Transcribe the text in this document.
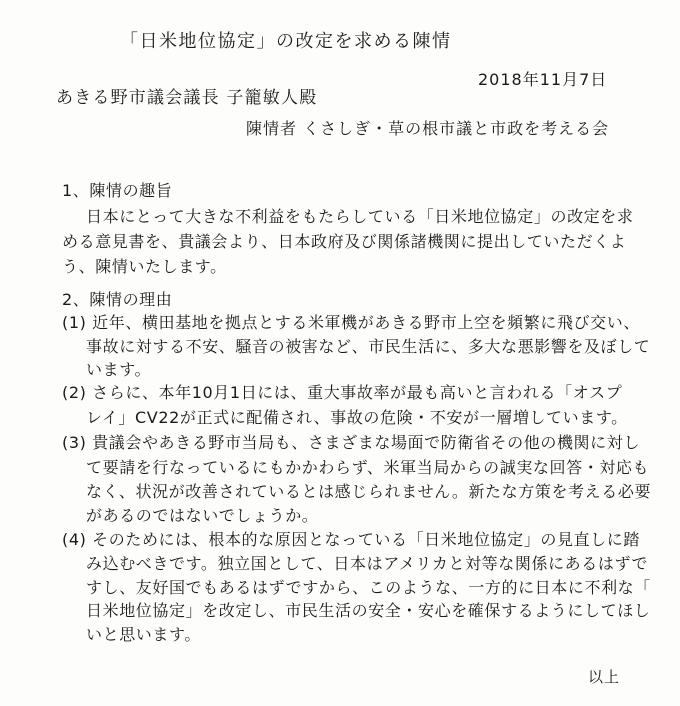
「日米地位協定」の改定を求める陳情
2018年11月7日
あきる野市議会議長 子籠敏人殿
陳情者 くさしぎ・草の根市議と市政を考える会
1、陳情の趣旨
日本にとって大きな不利益をもたらしている「日米地位協定」の改定を求
める意見書を、貴議会より、日本政府及び関係諸機関に提出していただくよ
う、陳情いたします。
2、陳情の理由
(1) 近年、横田基地を拠点とする米軍機があきる野市上空を頻繁に飛び交い、
事故に対する不安、騒音の被害など、市民生活に、多大な悪影響を及ぼして
います。
(2) さらに、本年10月1日には、重大事故率が最も高いと言われる「オスプ
レイ」CV22が正式に配備され、事故の危険・不安が一層増しています。
(3) 貴議会やあきる野市当局も、さまざまな場面で防衛省その他の機関に対し
て要請を行なっているにもかかわらず、米軍当局からの誠実な回答・対応も
なく、状況が改善されているとは感じられません。新たな方策を考える必要
があるのではないでしょうか。
(4) そのためには、根本的な原因となっている「日米地位協定」の見直しに踏
み込むべきです。独立国として、日本はアメリカと対等な関係にあるはずで
すし、友好国でもあるはずですから、このような、一方的に日本に不利な「
日米地位協定」を改定し、市民生活の安全・安心を確保するようにしてほし
いと思います。
以上
